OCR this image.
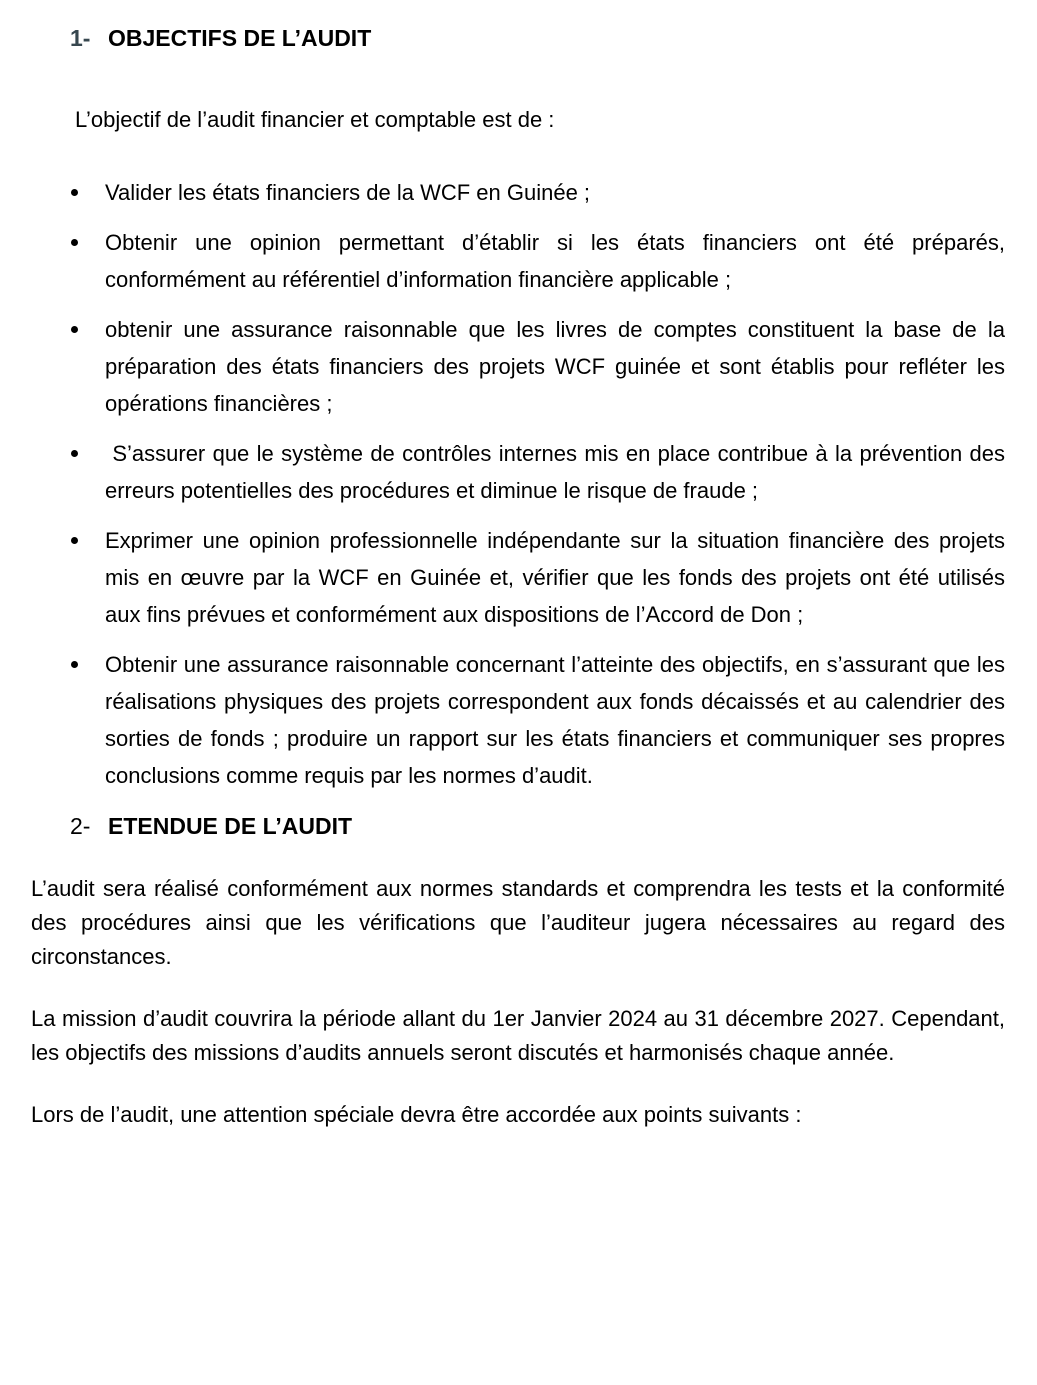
1- OBJECTIFS DE L’AUDIT

L’objectif de l’audit financier et comptable est de :

Valider les états financiers de la WCF en Guinée ;
Obtenir une opinion permettant d’établir si les états financiers ont été préparés, conformément au référentiel d’information financière applicable ;
obtenir une assurance raisonnable que les livres de comptes constituent la base de la préparation des états financiers des projets WCF guinée et sont établis pour refléter les opérations financières ;
S’assurer que le système de contrôles internes mis en place contribue à la prévention des erreurs potentielles des procédures et diminue le risque de fraude ;
Exprimer une opinion professionnelle indépendante sur la situation financière des projets mis en œuvre par la WCF en Guinée et, vérifier que les fonds des projets ont été utilisés aux fins prévues et conformément aux dispositions de l’Accord de Don ;
Obtenir une assurance raisonnable concernant l’atteinte des objectifs, en s’assurant que les réalisations physiques des projets correspondent aux fonds décaissés et au calendrier des sorties de fonds ; produire un rapport sur les états financiers et communiquer ses propres conclusions comme requis par les normes d’audit.
2- ETENDUE DE L’AUDIT

L’audit sera réalisé conformément aux normes standards et comprendra les tests et la conformité des procédures ainsi que les vérifications que l’auditeur jugera nécessaires au regard des circonstances.

La mission d’audit couvrira la période allant du 1er Janvier 2024 au 31 décembre 2027. Cependant, les objectifs des missions d’audits annuels seront discutés et harmonisés chaque année.

Lors de l’audit, une attention spéciale devra être accordée aux points suivants :
